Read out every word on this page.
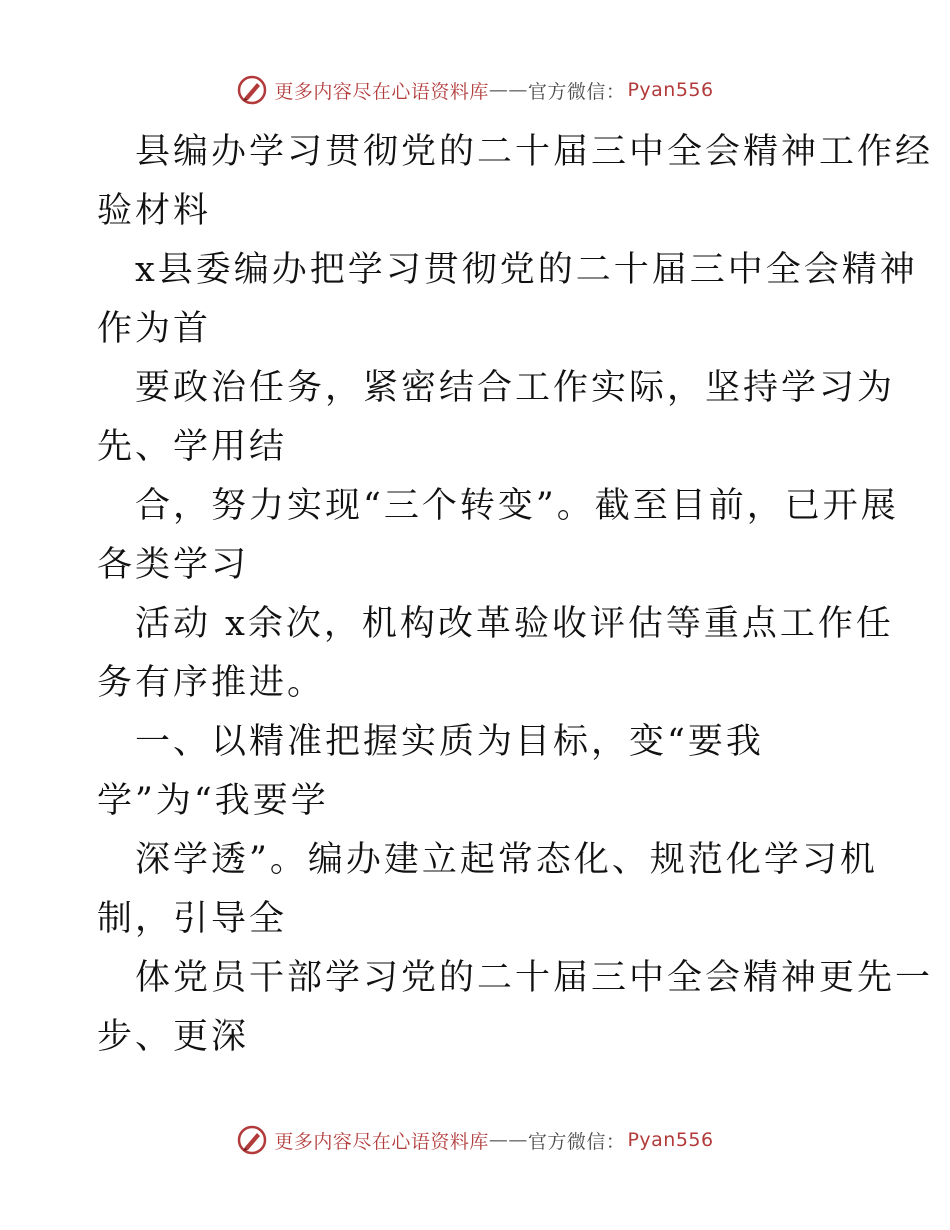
更多内容尽在心语资料库 —— 官方微信： Pyan556
县编办学习贯彻党的二十届三中全会精神工作经
验材料
x县委编办把学习贯彻党的二十届三中全会精神
作为首
要政治任务，紧密结合工作实际，坚持学习为
先、学用结
合，努力实现“三个转变”。截至目前，已开展
各类学习
活动 x余次，机构改革验收评估等重点工作任
务有序推进。
一、以精准把握实质为目标，变“要我
学”为“我要学
深学透”。编办建立起常态化、规范化学习机
制，引导全
体党员干部学习党的二十届三中全会精神更先一
步、更深
更多内容尽在心语资料库 —— 官方微信： Pyan556
